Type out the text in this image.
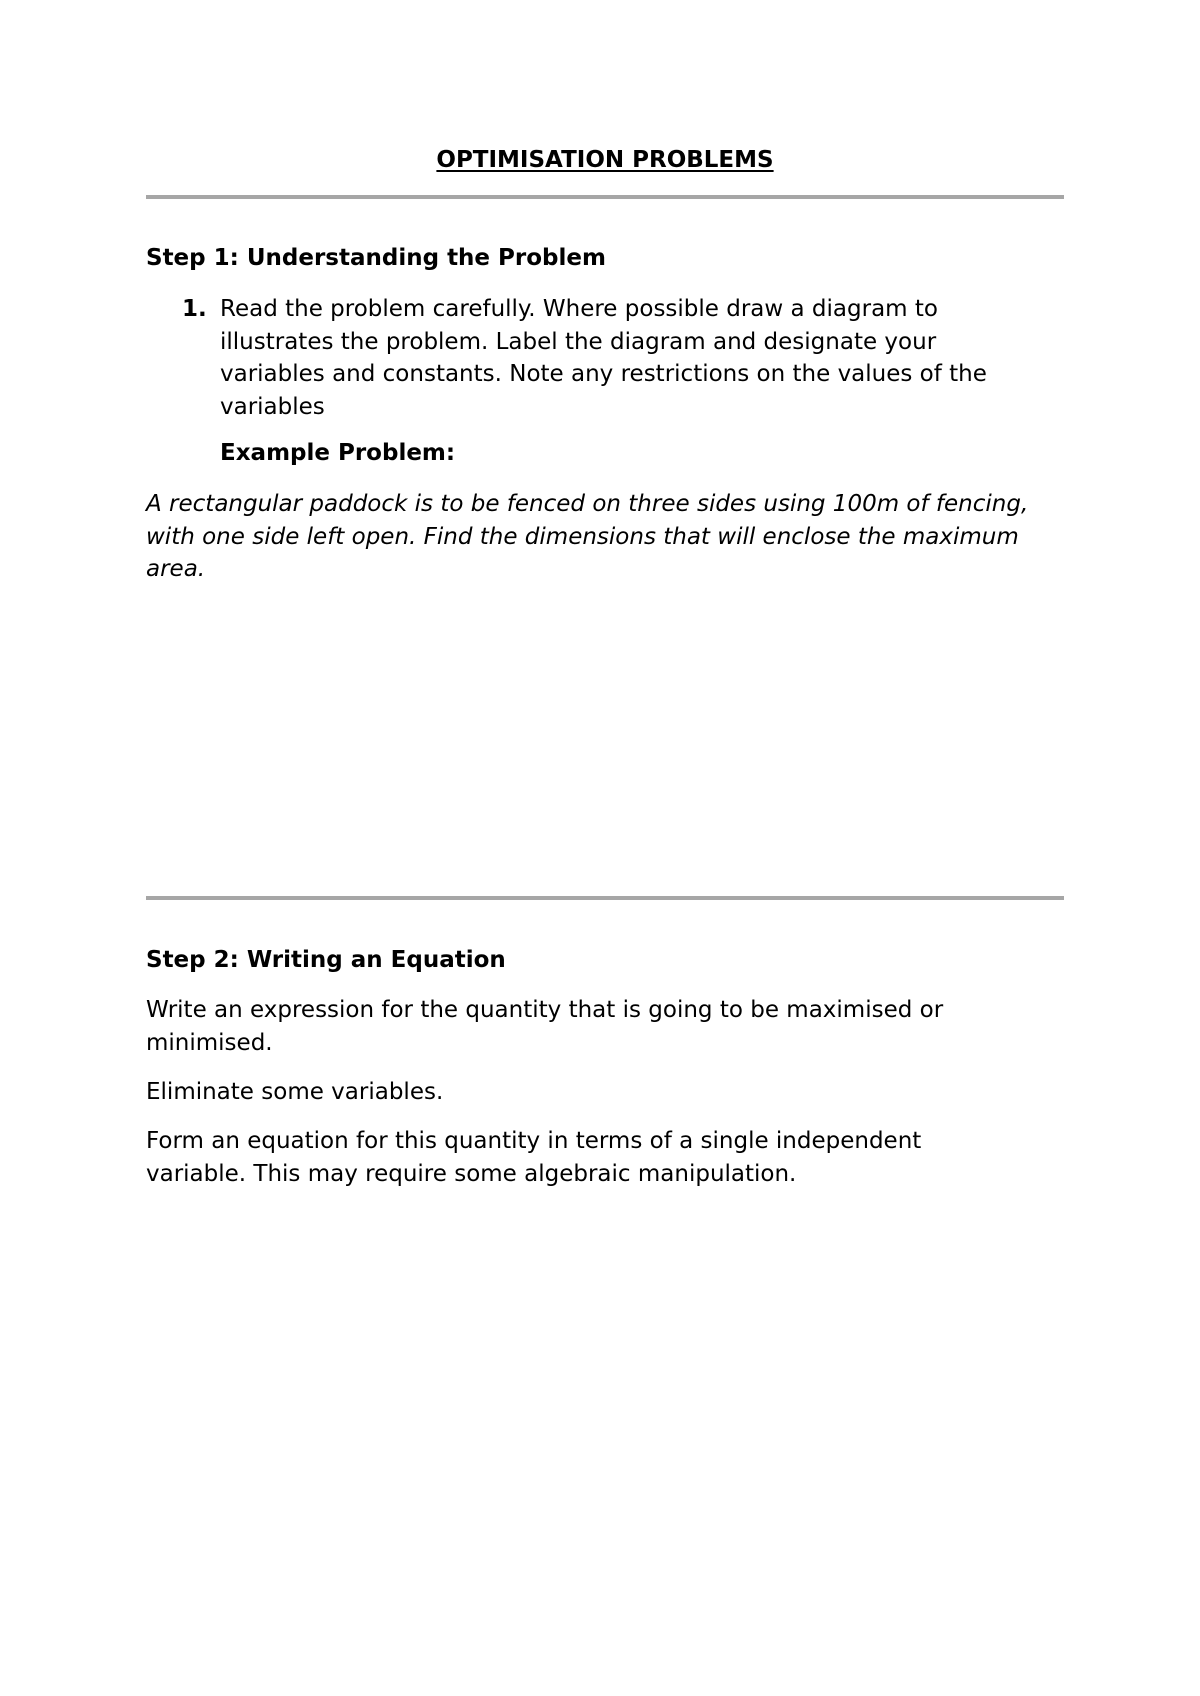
OPTIMISATION PROBLEMS
Step 1: Understanding the Problem
1. Read the problem carefully. Where possible draw a diagram to illustrates the problem. Label the diagram and designate your variables and constants. Note any restrictions on the values of the variables
Example Problem:
A rectangular paddock is to be fenced on three sides using 100m of fencing, with one side left open. Find the dimensions that will enclose the maximum area.
Step 2: Writing an Equation
Write an expression for the quantity that is going to be maximised or minimised.
Eliminate some variables.
Form an equation for this quantity in terms of a single independent variable. This may require some algebraic manipulation.
